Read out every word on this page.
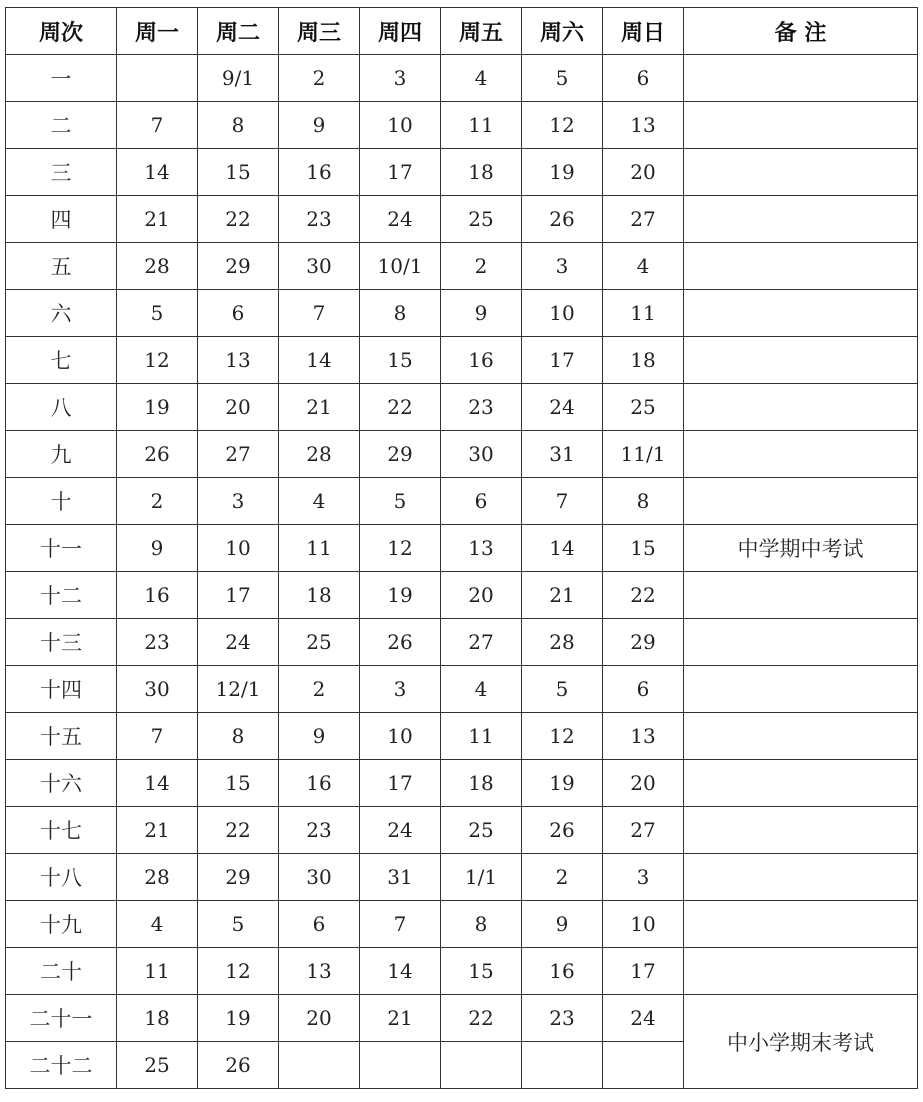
周次	周一	周二	周三	周四	周五	周六	周日	备 注
一		9/1	2	3	4	5	6	
二	7	8	9	10	11	12	13	
三	14	15	16	17	18	19	20	
四	21	22	23	24	25	26	27	
五	28	29	30	10/1	2	3	4	
六	5	6	7	8	9	10	11	
七	12	13	14	15	16	17	18	
八	19	20	21	22	23	24	25	
九	26	27	28	29	30	31	11/1	
十	2	3	4	5	6	7	8	
十一	9	10	11	12	13	14	15	中学期中考试
十二	16	17	18	19	20	21	22	
十三	23	24	25	26	27	28	29	
十四	30	12/1	2	3	4	5	6	
十五	7	8	9	10	11	12	13	
十六	14	15	16	17	18	19	20	
十七	21	22	23	24	25	26	27	
十八	28	29	30	31	1/1	2	3	
十九	4	5	6	7	8	9	10	
二十	11	12	13	14	15	16	17	
二十一	18	19	20	21	22	23	24	中小学期末考试
二十二	25	26						
